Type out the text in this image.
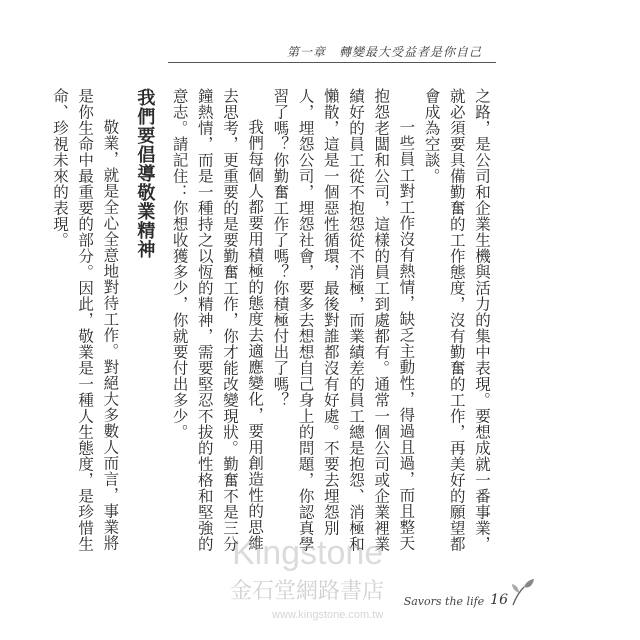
第一章　轉變最大受益者是你自己

之路，是公司和企業生機與活力的集中表現。要想成就一番事業，就必須要具備勤奮的工作態度，沒有勤奮的工作，再美好的願望都會成為空談。

一些員工對工作沒有熱情，缺乏主動性，得過且過，而且整天抱怨老闆和公司，這樣的員工到處都有。通常一個公司或企業裡業績好的員工從不抱怨從不消極，而業績差的員工總是抱怨、消極和懶散，這是一個惡性循環，最後對誰都沒有好處。不要去埋怨別人，埋怨公司，埋怨社會，要多去想想自己身上的問題，你認真學習了嗎？你勤奮工作了嗎？你積極付出了嗎？

我們每個人都要用積極的態度去適應變化，要用創造性的思維去思考，更重要的是要勤奮工作，你才能改變現狀。勤奮不是三分鐘熱情，而是一種持之以恆的精神，需要堅忍不拔的性格和堅強的意志。請記住：你想收獲多少，你就要付出多少。

我們要倡導敬業精神

敬業，就是全心全意地對待工作。對絕大多數人而言，事業將是你生命中最重要的部分。因此，敬業是一種人生態度，是珍惜生命、珍視未來的表現。

Kingstone
金石堂網路書店
www.kingstone.com.tw
Savors the life 16
